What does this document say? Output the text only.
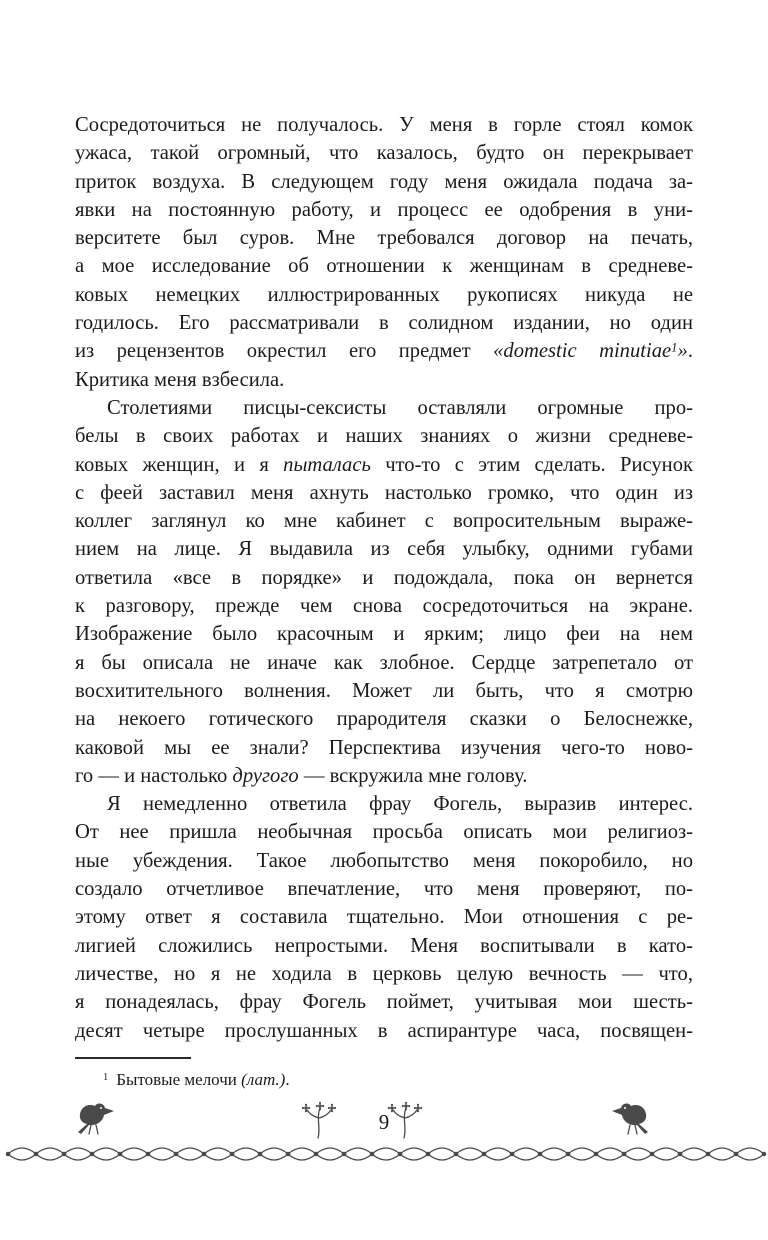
Сосредоточиться не получалось. У меня в горле стоял комок
ужаса, такой огромный, что казалось, будто он перекрывает
приток воздуха. В следующем году меня ожидала подача за-
явки на постоянную работу, и процесс ее одобрения в уни-
верситете был суров. Мне требовался договор на печать,
а мое исследование об отношении к женщинам в средневе-
ковых немецких иллюстрированных рукописях никуда не
годилось. Его рассматривали в солидном издании, но один
из рецензентов окрестил его предмет «domestic minutiae$^1$».
Критика меня взбесила.
Столетиями писцы-сексисты оставляли огромные про-
белы в своих работах и наших знаниях о жизни средневе-
ковых женщин, и я пыталась что-то с этим сделать. Рисунок
с феей заставил меня ахнуть настолько громко, что один из
коллег заглянул ко мне кабинет с вопросительным выраже-
нием на лице. Я выдавила из себя улыбку, одними губами
ответила «все в порядке» и подождала, пока он вернется
к разговору, прежде чем снова сосредоточиться на экране.
Изображение было красочным и ярким; лицо феи на нем
я бы описала не иначе как злобное. Сердце затрепетало от
восхитительного волнения. Может ли быть, что я смотрю
на некоего готического прародителя сказки о Белоснежке,
каковой мы ее знали? Перспектива изучения чего-то ново-
го — и настолько другого — вскружила мне голову.
Я немедленно ответила фрау Фогель, выразив интерес.
От нее пришла необычная просьба описать мои религиоз-
ные убеждения. Такое любопытство меня покоробило, но
создало отчетливое впечатление, что меня проверяют, по-
этому ответ я составила тщательно. Мои отношения с ре-
лигией сложились непростыми. Меня воспитывали в като-
личестве, но я не ходила в церковь целую вечность — что,
я понадеялась, фрау Фогель поймет, учитывая мои шесть-
десят четыре прослушанных в аспирантуре часа, посвящен-
$^1$ Бытовые мелочи (лат.).
9
